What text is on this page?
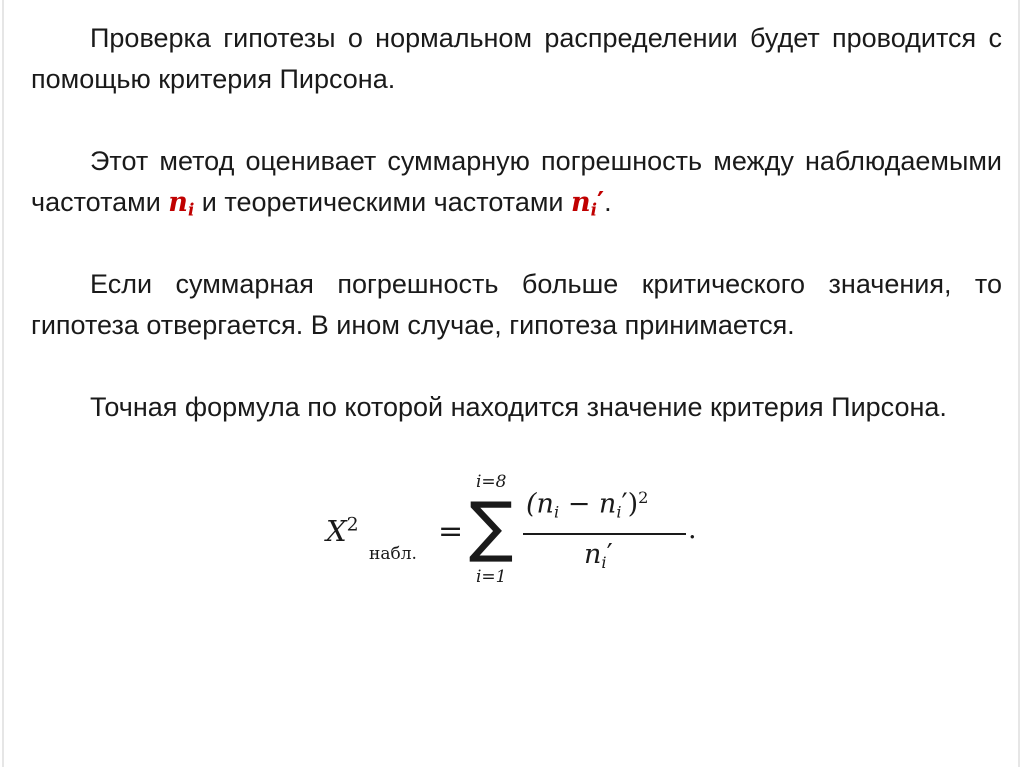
Проверка гипотезы о нормальном распределении будет проводится с помощью критерия Пирсона.

Этот метод оценивает суммарную погрешность между наблюдаемыми частотами $n_i$ и теоретическими частотами $n_i'$.

Если суммарная погрешность больше критического значения, то гипотеза отвергается. В ином случае, гипотеза принимается.

Точная формула по которой находится значение критерия Пирсона.

$X^2$
набл.
=
i=8
∑
i=1
$(n_i - n_i')^2$
$n_i'$
.
